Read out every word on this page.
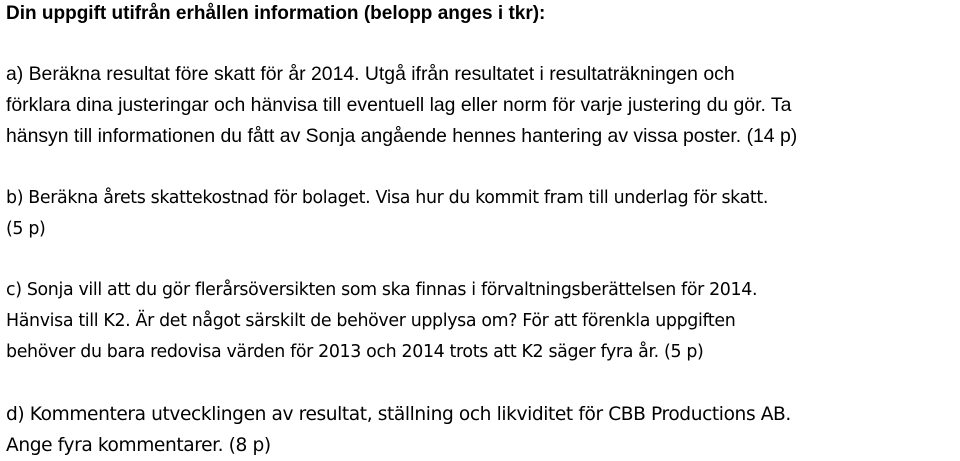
Din uppgift utifrån erhållen information (belopp anges i tkr):

a) Beräkna resultat före skatt för år 2014. Utgå ifrån resultatet i resultaträkningen och
förklara dina justeringar och hänvisa till eventuell lag eller norm för varje justering du gör. Ta
hänsyn till informationen du fått av Sonja angående hennes hantering av vissa poster. (14 p)

b) Beräkna årets skattekostnad för bolaget. Visa hur du kommit fram till underlag för skatt.
(5 p)

c) Sonja vill att du gör flerårsöversikten som ska finnas i förvaltningsberättelsen för 2014.
Hänvisa till K2. Är det något särskilt de behöver upplysa om? För att förenkla uppgiften
behöver du bara redovisa värden för 2013 och 2014 trots att K2 säger fyra år. (5 p)

d) Kommentera utvecklingen av resultat, ställning och likviditet för CBB Productions AB.
Ange fyra kommentarer. (8 p)
